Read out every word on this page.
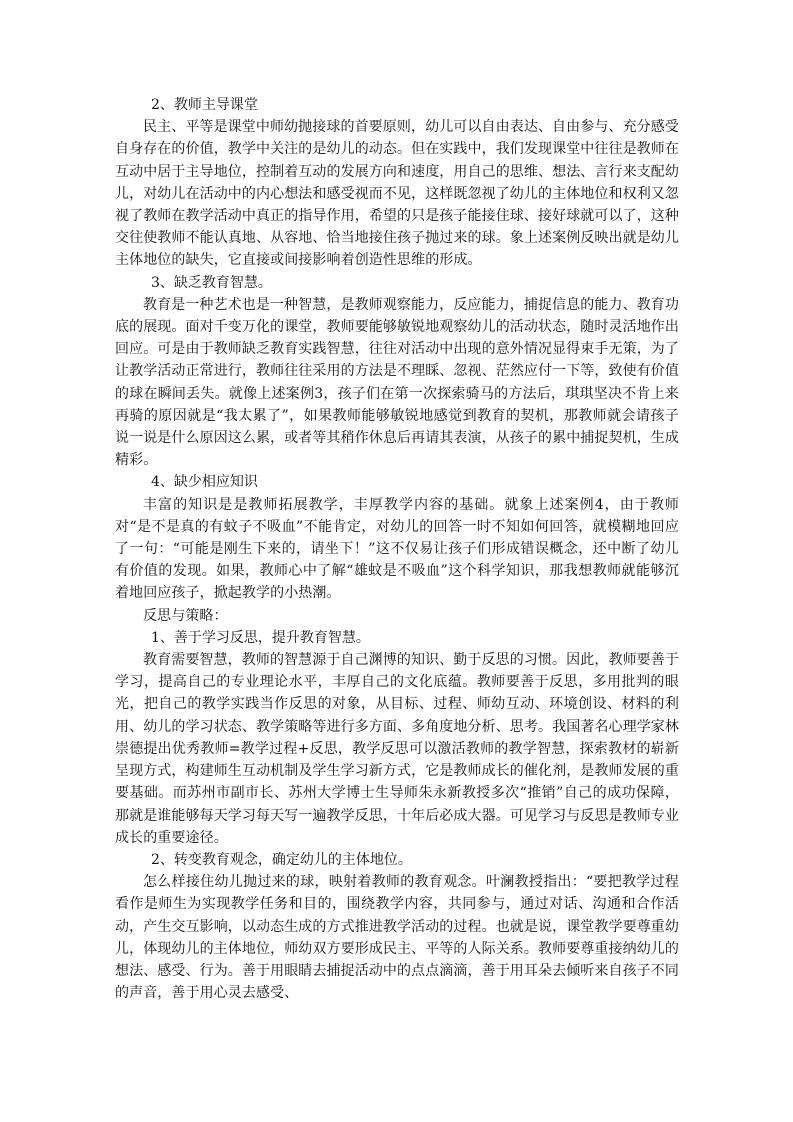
2、教师主导课堂

民主、平等是课堂中师幼抛接球的首要原则，幼儿可以自由表达、自由参与、充分感受自身存在的价值，教学中关注的是幼儿的动态。但在实践中，我们发现课堂中往往是教师在互动中居于主导地位，控制着互动的发展方向和速度，用自己的思维、想法、言行来支配幼儿，对幼儿在活动中的内心想法和感受视而不见，这样既忽视了幼儿的主体地位和权利又忽视了教师在教学活动中真正的指导作用，希望的只是孩子能接住球、接好球就可以了，这种交往使教师不能认真地、从容地、恰当地接住孩子抛过来的球。象上述案例反映出就是幼儿主体地位的缺失，它直接或间接影响着创造性思维的形成。

3、缺乏教育智慧。

教育是一种艺术也是一种智慧，是教师观察能力，反应能力，捕捉信息的能力、教育功底的展现。面对千变万化的课堂，教师要能够敏锐地观察幼儿的活动状态，随时灵活地作出回应。可是由于教师缺乏教育实践智慧，往往对活动中出现的意外情况显得束手无策，为了让教学活动正常进行，教师往往采用的方法是不理睬、忽视、茫然应付一下等，致使有价值的球在瞬间丢失。就像上述案例3，孩子们在第一次探索骑马的方法后，琪琪坚决不肯上来再骑的原因就是“我太累了”，如果教师能够敏锐地感觉到教育的契机，那教师就会请孩子说一说是什么原因这么累，或者等其稍作休息后再请其表演，从孩子的累中捕捉契机，生成精彩。

4、缺少相应知识

丰富的知识是是教师拓展教学，丰厚教学内容的基础。就象上述案例4，由于教师对“是不是真的有蚊子不吸血”不能肯定，对幼儿的回答一时不知如何回答，就模糊地回应了一句：“可能是刚生下来的，请坐下！”这不仅易让孩子们形成错误概念，还中断了幼儿有价值的发现。如果，教师心中了解“雄蚊是不吸血”这个科学知识，那我想教师就能够沉着地回应孩子，掀起教学的小热潮。

反思与策略：

1、善于学习反思，提升教育智慧。

教育需要智慧，教师的智慧源于自己渊博的知识、勤于反思的习惯。因此，教师要善于学习，提高自己的专业理论水平，丰厚自己的文化底蕴。教师要善于反思，多用批判的眼光，把自己的教学实践当作反思的对象，从目标、过程、师幼互动、环境创设、材料的利用、幼儿的学习状态、教学策略等进行多方面、多角度地分析、思考。我国著名心理学家林崇德提出优秀教师=教学过程+反思，教学反思可以激活教师的教学智慧，探索教材的崭新呈现方式，构建师生互动机制及学生学习新方式，它是教师成长的催化剂，是教师发展的重要基础。而苏州市副市长、苏州大学博士生导师朱永新教授多次“推销”自己的成功保障，那就是谁能够每天学习每天写一遍教学反思，十年后必成大器。可见学习与反思是教师专业成长的重要途径。

2、转变教育观念，确定幼儿的主体地位。

怎么样接住幼儿抛过来的球，映射着教师的教育观念。叶澜教授指出：“要把教学过程看作是师生为实现教学任务和目的，围绕教学内容，共同参与，通过对话、沟通和合作活动，产生交互影响，以动态生成的方式推进教学活动的过程。也就是说，课堂教学要尊重幼儿，体现幼儿的主体地位，师幼双方要形成民主、平等的人际关系。教师要尊重接纳幼儿的想法、感受、行为。善于用眼睛去捕捉活动中的点点滴滴，善于用耳朵去倾听来自孩子不同的声音，善于用心灵去感受、
